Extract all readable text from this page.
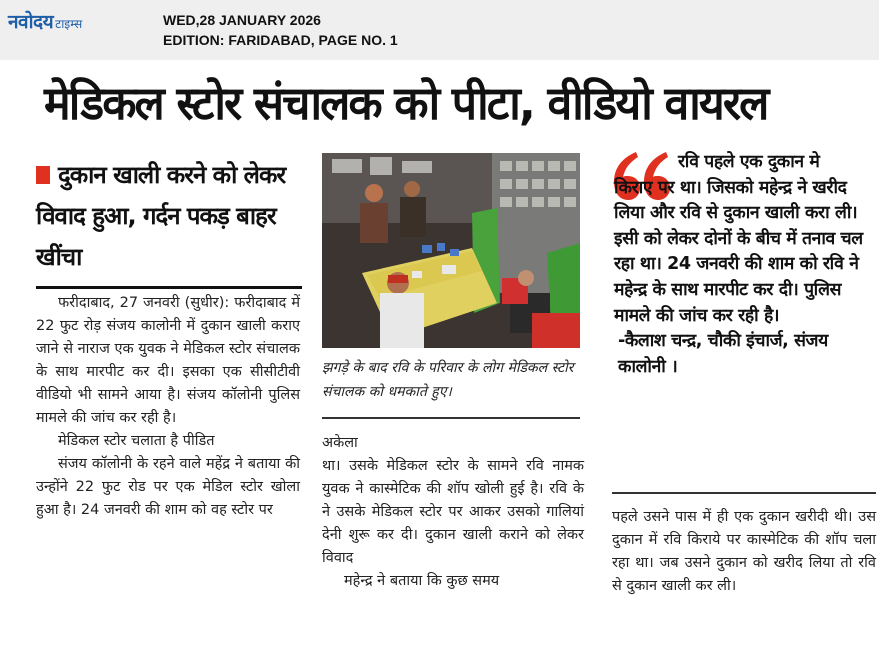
नवोदय टाइम्स	WED,28 JANUARY 2026
EDITION: FARIDABAD, PAGE NO. 1
मेडिकल स्टोर संचालक को पीटा, वीडियो वायरल
दुकान खाली करने को लेकर विवाद हुआ, गर्दन पकड़ बाहर खींचा

फरीदाबाद, 27 जनवरी (सुधीर): फरीदाबाद में 22 फुट रोड़ संजय कालोनी में दुकान खाली कराए जाने से नाराज एक युवक ने मेडिकल स्टोर संचालक के साथ मारपीट कर दी। इसका एक सीसीटीवी वीडियो भी सामने आया है। संजय कॉलोनी पुलिस मामले की जांच कर रही है।

मेडिकल स्टोर चलाता है पीडित

संजय कॉलोनी के रहने वाले महेंद्र ने बताया की उन्होंने 22 फुट रोड पर एक मेडिल स्टोर खोला हुआ है। 24 जनवरी की शाम को वह स्टोर पर

झगड़े के बाद रवि के परिवार के लोग मेडिकल स्टोर संचालक को धमकाते हुए।

अकेला

था। उसके मेडिकल स्टोर के सामने रवि नामक युवक ने कास्मेटिक की शॉप खोली हुई है। रवि के ने उसके मेडिकल स्टोर पर आकर उसको गालियां देनी शुरू कर दी। दुकान खाली कराने को लेकर विवाद

महेन्द्र ने बताया कि कुछ समय

रवि पहले एक दुकान मे
किराए पर था। जिसको महेन्द्र ने खरीद लिया और रवि से दुकान खाली करा ली। इसी को लेकर दोनों के बीच में तनाव चल रहा था। 24 जनवरी की शाम को रवि ने महेन्द्र के साथ मारपीट कर दी। पुलिस मामले की जांच कर रही है।
-कैलाश चन्द्र, चौकी इंचार्ज, संजय कालोनी ।

पहले उसने पास में ही एक दुकान खरीदी थी। उस दुकान में रवि किराये पर कास्मेटिक की शॉप चला रहा था। जब उसने दुकान को खरीद लिया तो रवि से दुकान खाली कर ली।
